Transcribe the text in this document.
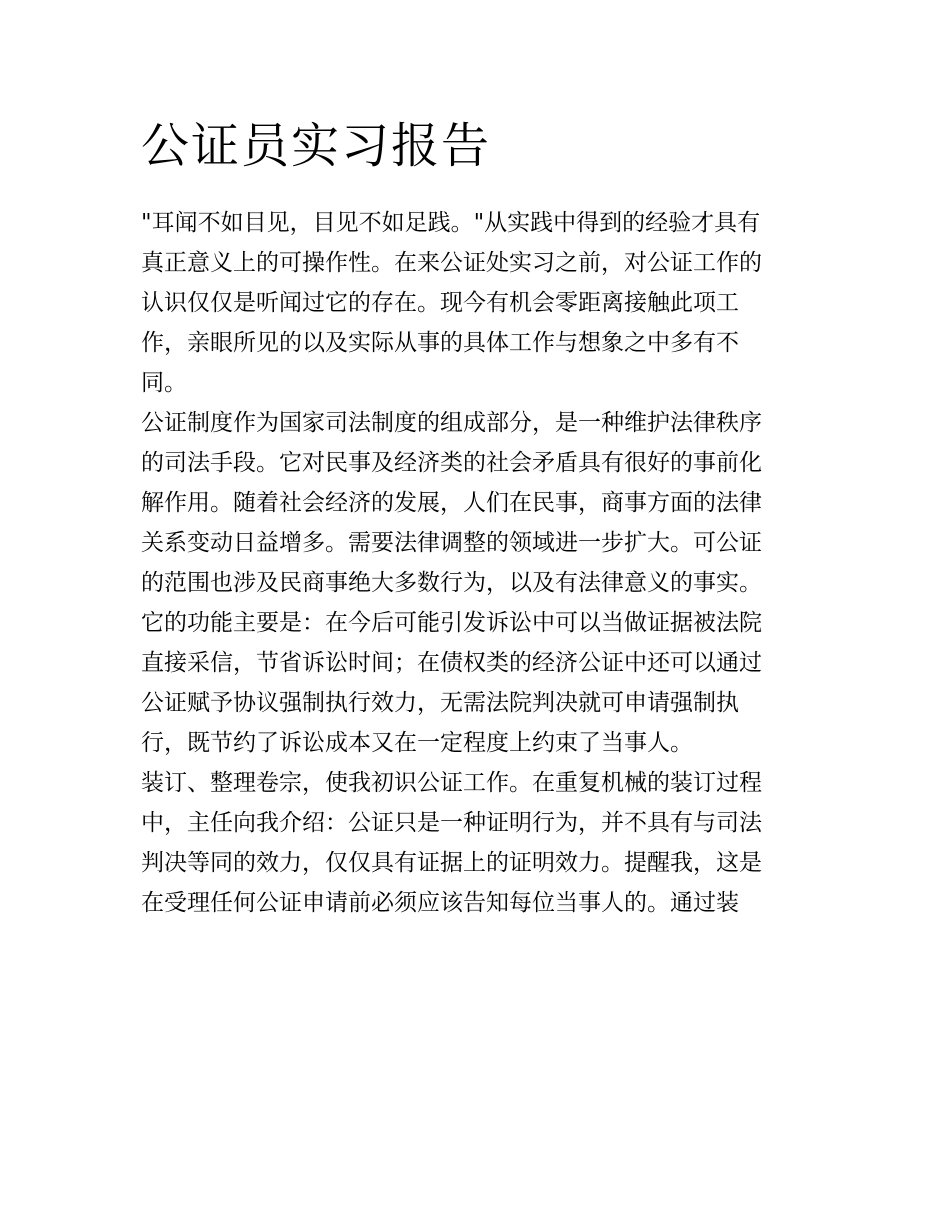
公证员实习报告

"耳闻不如目见，目见不如足践。"从实践中得到的经验才具有
真正意义上的可操作性。在来公证处实习之前，对公证工作的
认识仅仅是听闻过它的存在。现今有机会零距离接触此项工
作，亲眼所见的以及实际从事的具体工作与想象之中多有不
同。

公证制度作为国家司法制度的组成部分，是一种维护法律秩序
的司法手段。它对民事及经济类的社会矛盾具有很好的事前化
解作用。随着社会经济的发展，人们在民事，商事方面的法律
关系变动日益增多。需要法律调整的领域进一步扩大。可公证
的范围也涉及民商事绝大多数行为，以及有法律意义的事实。
它的功能主要是：在今后可能引发诉讼中可以当做证据被法院
直接采信，节省诉讼时间；在债权类的经济公证中还可以通过
公证赋予协议强制执行效力，无需法院判决就可申请强制执
行，既节约了诉讼成本又在一定程度上约束了当事人。

装订、整理卷宗，使我初识公证工作。在重复机械的装订过程
中，主任向我介绍：公证只是一种证明行为，并不具有与司法
判决等同的效力，仅仅具有证据上的证明效力。提醒我，这是
在受理任何公证申请前必须应该告知每位当事人的。通过装
